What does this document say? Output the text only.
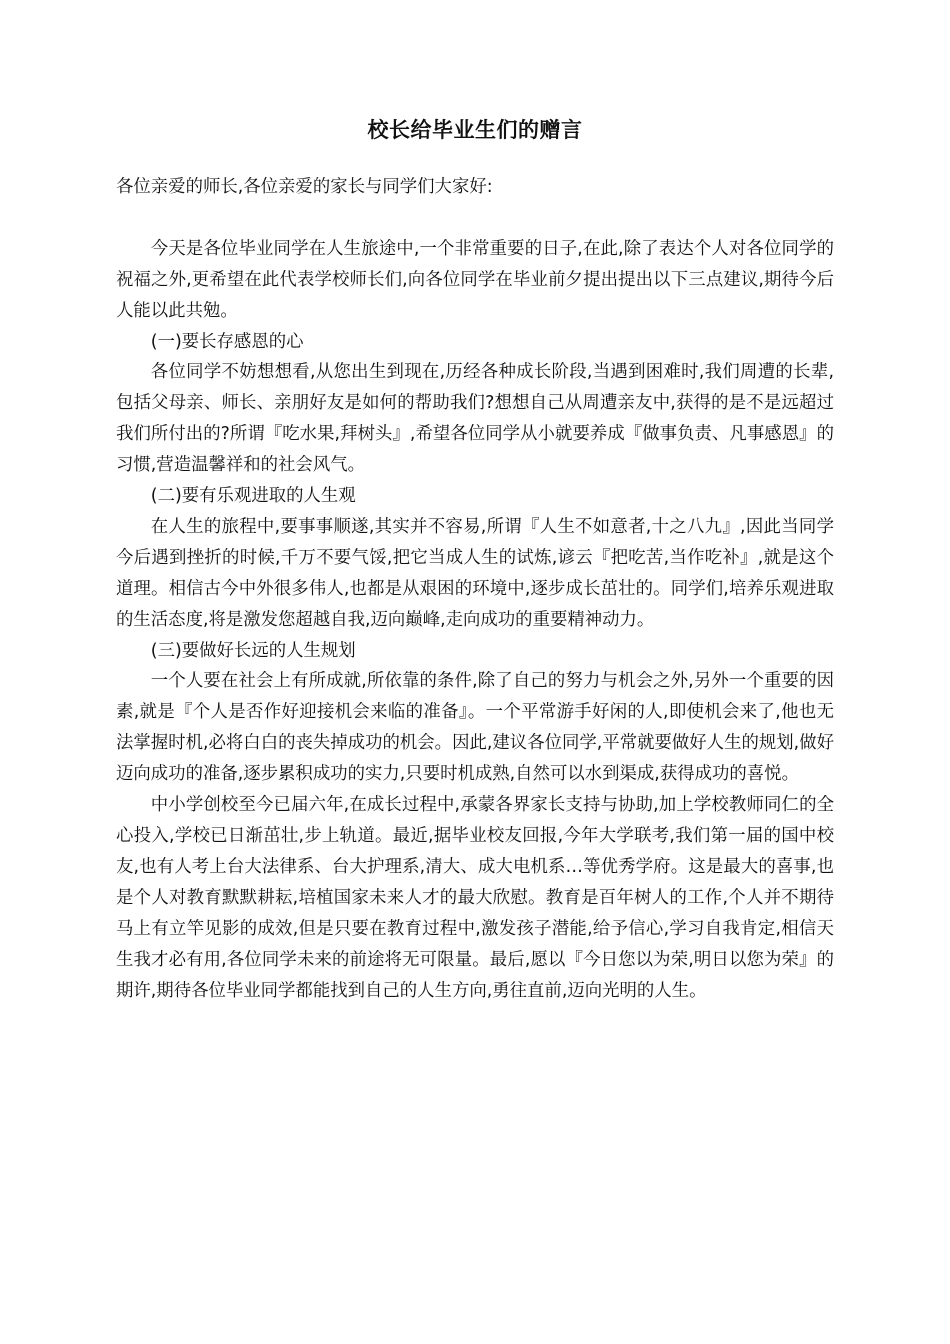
校长给毕业生们的赠言

各位亲爱的师长,各位亲爱的家长与同学们大家好:

今天是各位毕业同学在人生旅途中,一个非常重要的日子,在此,除了表达个人对各位同学的祝福之外,更希望在此代表学校师长们,向各位同学在毕业前夕提出提出以下三点建议,期待今后人能以此共勉。

(一)要长存感恩的心

各位同学不妨想想看,从您出生到现在,历经各种成长阶段,当遇到困难时,我们周遭的长辈,包括父母亲、师长、亲朋好友是如何的帮助我们?想想自己从周遭亲友中,获得的是不是远超过我们所付出的?所谓『吃水果,拜树头』,希望各位同学从小就要养成『做事负责、凡事感恩』的习惯,营造温馨祥和的社会风气。

(二)要有乐观进取的人生观

在人生的旅程中,要事事顺遂,其实并不容易,所谓『人生不如意者,十之八九』,因此当同学今后遇到挫折的时候,千万不要气馁,把它当成人生的试炼,谚云『把吃苦,当作吃补』,就是这个道理。相信古今中外很多伟人,也都是从艰困的环境中,逐步成长茁壮的。同学们,培养乐观进取的生活态度,将是激发您超越自我,迈向巅峰,走向成功的重要精神动力。

(三)要做好长远的人生规划

一个人要在社会上有所成就,所依靠的条件,除了自己的努力与机会之外,另外一个重要的因素,就是『个人是否作好迎接机会来临的准备』。一个平常游手好闲的人,即使机会来了,他也无法掌握时机,必将白白的丧失掉成功的机会。因此,建议各位同学,平常就要做好人生的规划,做好迈向成功的准备,逐步累积成功的实力,只要时机成熟,自然可以水到渠成,获得成功的喜悦。

中小学创校至今已届六年,在成长过程中,承蒙各界家长支持与协助,加上学校教师同仁的全心投入,学校已日渐茁壮,步上轨道。最近,据毕业校友回报,今年大学联考,我们第一届的国中校友,也有人考上台大法律系、台大护理系,清大、成大电机系…等优秀学府。这是最大的喜事,也是个人对教育默默耕耘,培植国家未来人才的最大欣慰。教育是百年树人的工作,个人并不期待马上有立竿见影的成效,但是只要在教育过程中,激发孩子潜能,给予信心,学习自我肯定,相信天生我才必有用,各位同学未来的前途将无可限量。最后,愿以『今日您以为荣,明日以您为荣』的期许,期待各位毕业同学都能找到自己的人生方向,勇往直前,迈向光明的人生。
